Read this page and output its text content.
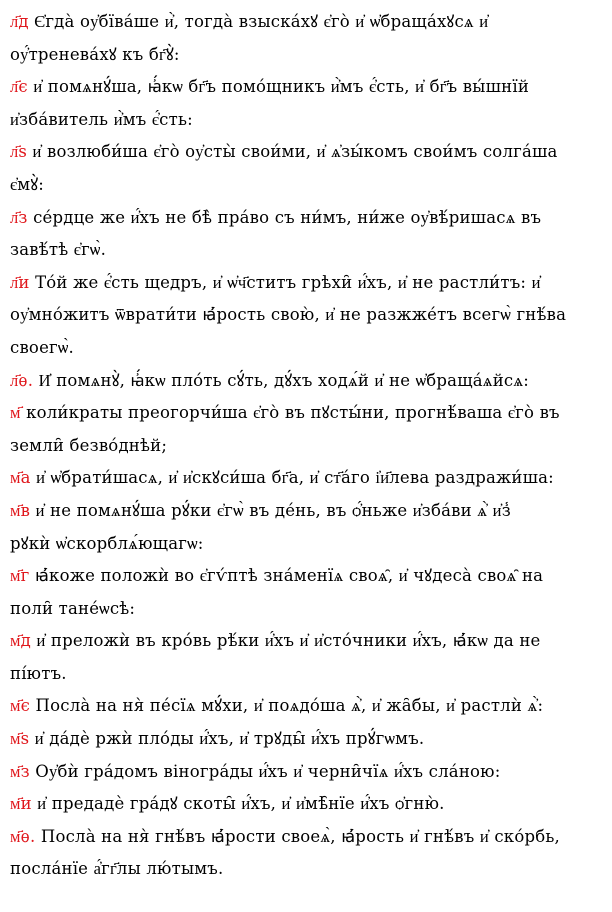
л҃д Є҆гда̀ оу҆бїва́ше и҆̀, тогда̀ взыска́хꙋ є҆го̀ и҆ ѡ҆браща́хꙋсѧ и҆
оу҆́тренева́хꙋ къ бг҃ꙋ̀:
л҃є и҆ помѧнꙋ́ша, ꙗ҆́кѡ бг҃ъ помо́щникъ и҆̀мъ є҆́сть, и҆ бг҃ъ вы́шнїй
и҆зба́витель и҆̀мъ є҆́сть:
л҃ѕ и҆ возлюби́ша є҆го̀ оу҆сты̀ свои́ми, и҆ ѧ҆зы́комъ свои́мъ солга́ша
є҆мꙋ̀:
л҃з се́рдце же и҆́хъ не бѣ̀ пра́во съ ни́мъ, ни́же оу҆вѣ́ришасѧ въ
завѣ́тѣ є҆гѡ̀.
л҃и То́й же є҆́сть щедръ, и҆ ѡ҆ч҃ститъ грѣхи̑ и҆́хъ, и҆ не растли́тъ: и҆
оу҆мно́житъ ѿврати́ти ꙗ҆́рость свою̀, и҆ не разжже́тъ всегѡ̀ гнѣ́ва
своегѡ̀.
л҃ѳ. И҆ помѧнꙋ̀, ꙗ҆́кѡ пло́ть сꙋ́ть, дꙋ́хъ ходѧ́й и҆ не ѡ҆браща́ѧйсѧ:
м҃ коли́краты преогорчи́ша є҆го̀ въ пꙋсты́ни, прогнѣ́ваша є҆го̀ въ
земли̑ безво́днѣй;
м҃а и҆ ѡ҆брати́шасѧ, и҆ и҆скꙋси́ша бг҃а, и҆ ст҃а́го і҆и҃лева раздражи́ша:
м҃в и҆ не помѧнꙋ́ша рꙋ́ки є҆гѡ̀ въ де́нь, въ ѻ҆́ньже и҆зба́ви ѧ҆̀ и҆з̾
рꙋкѝ ѡ҆скорблѧ́ющагѡ:
м҃г ꙗ҆́коже положѝ во є҆гѵ́птѣ зна́менїѧ своѧ̑, и҆ чꙋдеса̀ своѧ̑ на
поли̑ тане́ѡсѣ:
м҃д и҆ преложѝ въ кро́вь рѣ́ки и҆́хъ и҆ и҆сто́чники и҆́хъ, ꙗ҆́кѡ да не
пі́ютъ.
м҃є Посла̀ на ня̀ пе́сїѧ мꙋ́хи, и҆ поѧдо́ша ѧ҆̀, и҆ жа̑бы, и҆ растлѝ ѧ҆̀:
м҃ѕ и҆ да́дѐ ржѝ пло́ды и҆́хъ, и҆ трꙋды̑ и҆́хъ прꙋ́гѡмъ.
м҃з Оу҆бѝ гра́домъ віногра́ды и҆́хъ и҆ черни̑чїѧ и҆́хъ сла́ною:
м҃и и҆ предадѐ гра́дꙋ скоты̑ и҆́хъ, и҆ и҆мѣ̑нїе и҆́хъ ѻ҆гню̀.
м҃ѳ. Посла̀ на ня̀ гнѣ́въ ꙗ҆́рости своеѧ̀, ꙗ҆́рость и҆ гнѣ́въ и҆ ско́рбь,
посла́нїе а҆́гг҃лы лю́тымъ.
